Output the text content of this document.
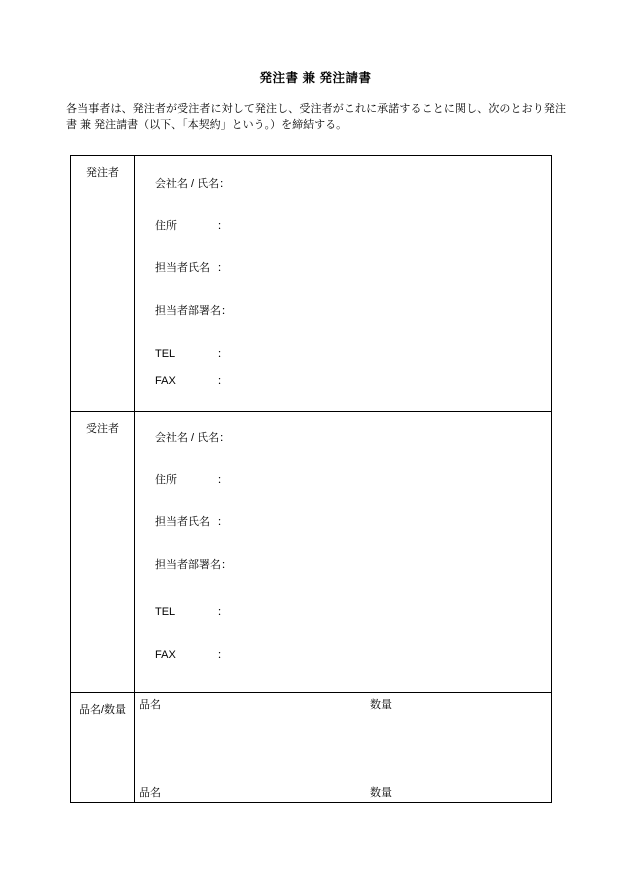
発注書 兼 発注請書

各当事者は、発注者が受注者に対して発注し、受注者がこれに承諾することに関し、次のとおり発注書 兼 発注請書（以下、「本契約」という。）を締結する。

発注者
会社名 / 氏名 ：
住所	：
担当者氏名 ：
担当者部署名 ：
TEL	：
FAX	：
受注者
会社名 / 氏名 ：
住所	：
担当者氏名 ：
担当者部署名 ：
TEL	：
FAX	：
品名/数量	品名	数量
品名	数量
